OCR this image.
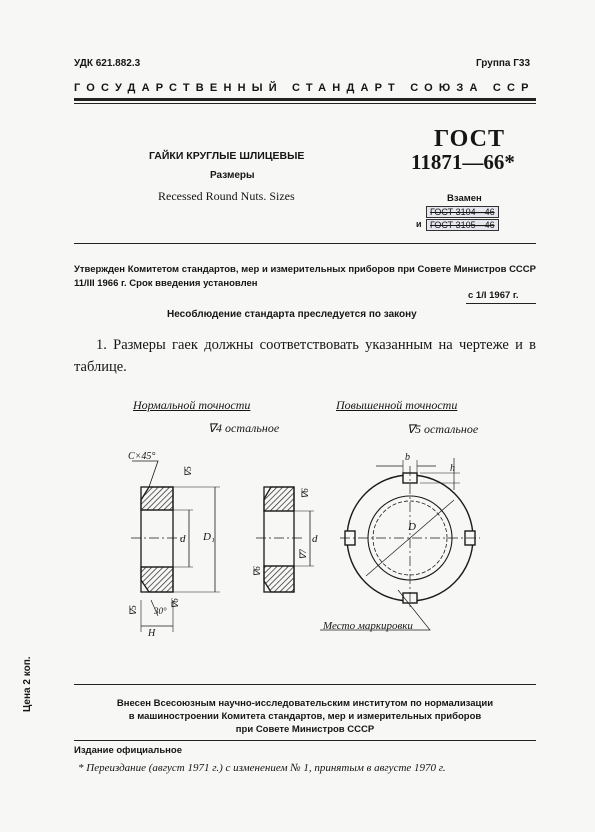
УДК 621.882.3	Группа Г33
ГОСУДАРСТВЕННЫЙ СТАНДАРТ СОЮЗА ССР
ГАЙКИ КРУГЛЫЕ ШЛИЦЕВЫЕ
Размеры
Recessed Round Nuts. Sizes
ГОСТ
11871—66*
Взамен
ГОСТ 3104—46
и ГОСТ 3105—46
Утвержден Комитетом стандартов, мер и измерительных приборов при Совете Министров СССР 11/III 1966 г. Срок введения установлен
с 1/I 1967 г.
Несоблюдение стандарта преследуется по закону
1. Размеры гаек должны соответствовать указанным на чертеже и в таблице.
Нормальной точности
∇4 остальное
Повышенной точности
∇5 остальное
C×45°
d D₁
H
30°
∇5
∇5
∇6
∇6
∇7
∇6
d
D
b
h
Место маркировки
Цена 2 коп.	Внесен Всесоюзным научно-исследовательским институтом по нормализации
в машиностроении Комитета стандартов, мер и измерительных приборов
при Совете Министров СССР
Издание официальное
* Переиздание (август 1971 г.) с изменением № 1, принятым в августе 1970 г.
